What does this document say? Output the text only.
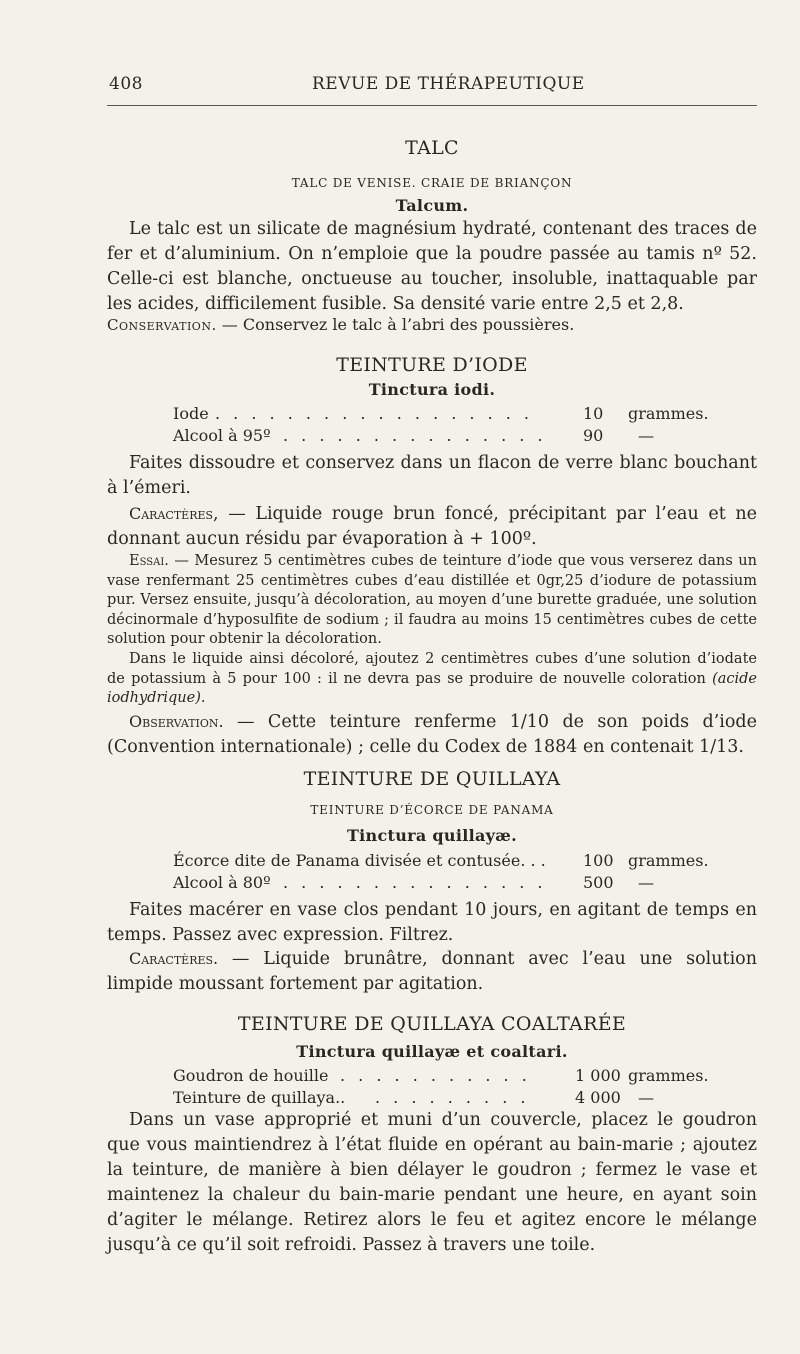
408	REVUE DE THÉRAPEUTIQUE
TALC
TALC DE VENISE. CRAIE DE BRIANÇON
Talcum.
Le talc est un silicate de magnésium hydraté, contenant des traces de fer et d’aluminium. On n’emploie que la poudre passée au tamis nº 52. Celle-ci est blanche, onctueuse au toucher, insoluble, inattaquable par les acides, difficilement fusible. Sa densité varie entre 2,5 et 2,8.
Conservation. — Conservez le talc à l’abri des poussières.
TEINTURE D’IODE
Tinctura iodi.
Iode . . . . . . . . . . . . . . . . . .	10 grammes.
Alcool à 95º . . . . . . . . . . . . . . . 90 —
Faites dissoudre et conservez dans un flacon de verre blanc bouchant à l’émeri.
Caractères, — Liquide rouge brun foncé, précipitant par l’eau et ne donnant aucun résidu par évaporation à + 100º.
Essai. — Mesurez 5 centimètres cubes de teinture d’iode que vous verserez dans un vase renfermant 25 centimètres cubes d’eau distillée et 0gr,25 d’iodure de potassium pur. Versez ensuite, jusqu’à décoloration, au moyen d’une burette graduée, une solution décinormale d’hyposulfite de sodium ; il faudra au moins 15 centimètres cubes de cette solution pour obtenir la décoloration.
Dans le liquide ainsi décoloré, ajoutez 2 centimètres cubes d’une solution d’iodate de potassium à 5 pour 100 : il ne devra pas se produire de nouvelle coloration (acide iodhydrique).
Observation. — Cette teinture renferme 1/10 de son poids d’iode (Convention internationale) ; celle du Codex de 1884 en contenait 1/13.
TEINTURE DE QUILLAYA
TEINTURE D’ÉCORCE DE PANAMA
Tinctura quillayæ.
Écorce dite de Panama divisée et contusée. . . 100 grammes.
Alcool à 80º . . . . . . . . . . . . . . . 500 —
Faites macérer en vase clos pendant 10 jours, en agitant de temps en temps. Passez avec expression. Filtrez.
Caractères. — Liquide brunâtre, donnant avec l’eau une solution limpide moussant fortement par agitation.
TEINTURE DE QUILLAYA COALTARÉE
Tinctura quillayæ et coaltari.
Goudron de houille . . . . . . . . . . .	1 000 grammes.
Teinture de quillaya.. . . . . . . . . .	4 000 —
Dans un vase approprié et muni d’un couvercle, placez le goudron que vous maintiendrez à l’état fluide en opérant au bain-marie ; ajoutez la teinture, de manière à bien délayer le goudron ; fermez le vase et maintenez la chaleur du bain-marie pendant une heure, en ayant soin d’agiter le mélange. Retirez alors le feu et agitez encore le mélange jusqu’à ce qu’il soit refroidi. Passez à travers une toile.
